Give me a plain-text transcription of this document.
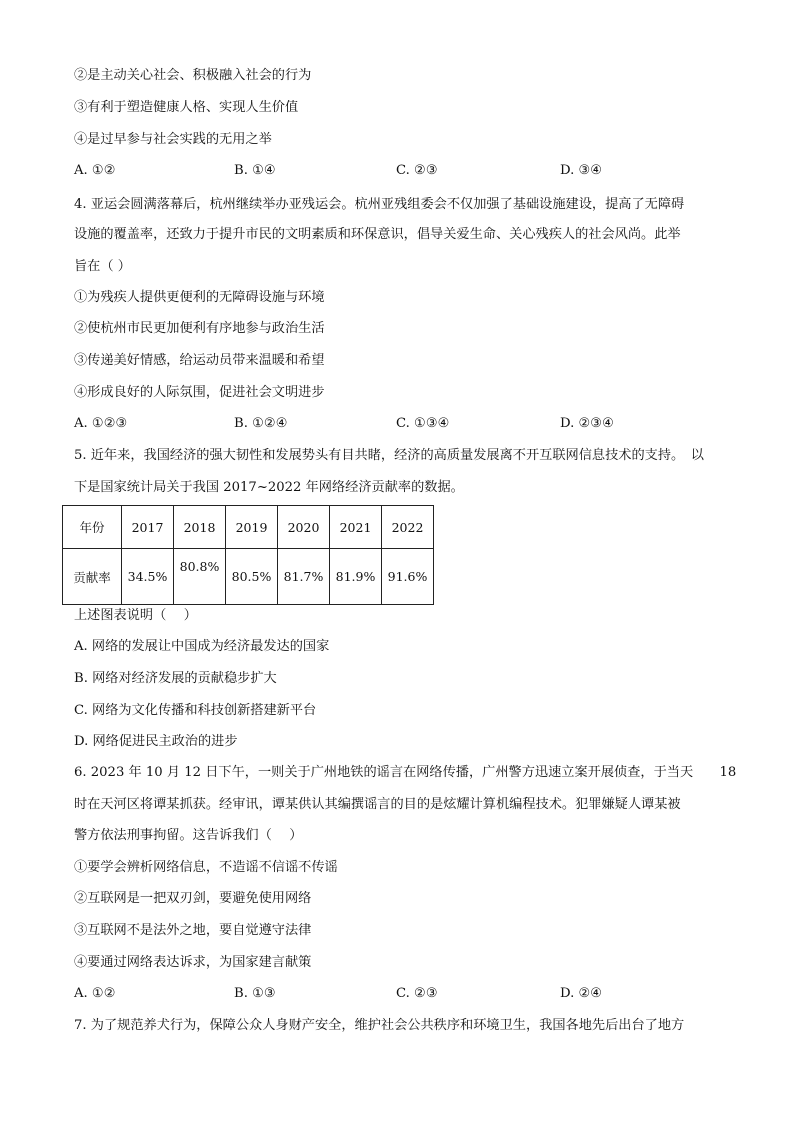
②是主动关心社会、积极融入社会的行为
③有利于塑造健康人格、实现人生价值
④是过早参与社会实践的无用之举
A. ①②	B. ①④	C. ②③	D. ③④
4. 亚运会圆满落幕后，杭州继续举办亚残运会。杭州亚残组委会不仅加强了基础设施建设，提高了无障碍
设施的覆盖率，还致力于提升市民的文明素质和环保意识，倡导关爱生命、关心残疾人的社会风尚。此举
旨在（ ）
①为残疾人提供更便利的无障碍设施与环境
②使杭州市民更加便利有序地参与政治生活
③传递美好情感，给运动员带来温暖和希望
④形成良好的人际氛围，促进社会文明进步
A. ①②③	B. ①②④	C. ①③④	D. ②③④
5. 近年来，我国经济的强大韧性和发展势头有目共睹，经济的高质量发展离不开互联网信息技术的支持。　以
下是国家统计局关于我国 2017~2022 年网络经济贡献率的数据。
年份	2017	2018	2019	2020	2021	2022
贡献率	34.5%	80.8%	80.5%	81.7%	81.9%	91.6%
上述图表说明（　 ）
A. 网络的发展让中国成为经济最发达的国家
B. 网络对经济发展的贡献稳步扩大
C. 网络为文化传播和科技创新搭建新平台
D. 网络促进民主政治的进步
6. 2023 年 10 月 12 日下午，一则关于广州地铁的谣言在网络传播，广州警方迅速立案开展侦查，于当天　　18
时在天河区将谭某抓获。经审讯，谭某供认其编撰谣言的目的是炫耀计算机编程技术。犯罪嫌疑人谭某被
警方依法刑事拘留。这告诉我们（　 ）
①要学会辨析网络信息，不造谣不信谣不传谣
②互联网是一把双刃剑，要避免使用网络
③互联网不是法外之地，要自觉遵守法律
④要通过网络表达诉求，为国家建言献策
A. ①②	B. ①③	C. ②③	D. ②④
7. 为了规范养犬行为，保障公众人身财产安全，维护社会公共秩序和环境卫生，我国各地先后出台了地方
